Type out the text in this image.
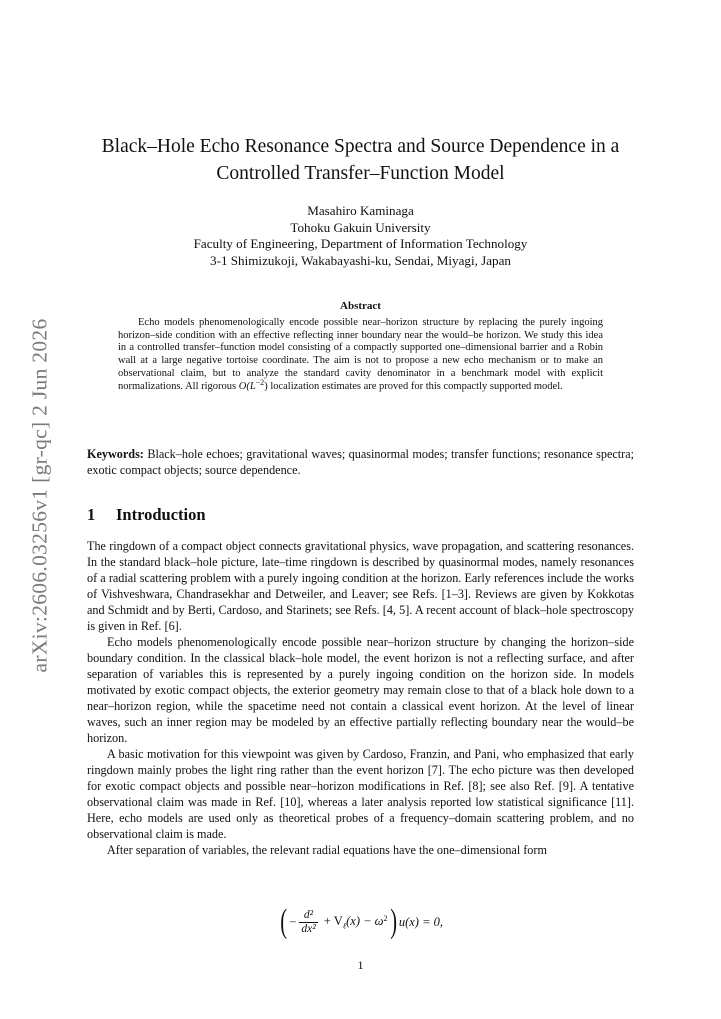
arXiv:2606.03256v1 [gr-qc] 2 Jun 2026
Black–Hole Echo Resonance Spectra and Source Dependence in a
Controlled Transfer–Function Model
Masahiro Kaminaga
Tohoku Gakuin University
Faculty of Engineering, Department of Information Technology
3-1 Shimizukoji, Wakabayashi-ku, Sendai, Miyagi, Japan
Abstract

Echo models phenomenologically encode possible near–horizon structure by replacing the purely ingoing horizon–side condition with an effective reflecting inner boundary near the would–be horizon. We study this idea in a controlled transfer–function model consisting of a compactly supported one–dimensional barrier and a Robin wall at a large negative tortoise coordinate. The aim is not to propose a new echo mechanism or to make an observational claim, but to analyze the standard cavity denominator in a benchmark model with explicit normalizations. All rigorous $O(L^{-2})$ localization estimates are proved for this compactly supported model.

Keywords: Black–hole echoes; gravitational waves; quasinormal modes; transfer functions; resonance spectra; exotic compact objects; source dependence.

1 Introduction

The ringdown of a compact object connects gravitational physics, wave propagation, and scattering resonances. In the standard black–hole picture, late–time ringdown is described by quasinormal modes, namely resonances of a radial scattering problem with a purely ingoing condition at the horizon. Early references include the works of Vishveshwara, Chandrasekhar and Detweiler, and Leaver; see Refs. [1–3]. Reviews are given by Kokkotas and Schmidt and by Berti, Cardoso, and Starinets; see Refs. [4, 5]. A recent account of black–hole spectroscopy is given in Ref. [6].

Echo models phenomenologically encode possible near–horizon structure by changing the horizon–side boundary condition. In the classical black–hole model, the event horizon is not a reflecting surface, and after separation of variables this is represented by a purely ingoing condition on the horizon side. In models motivated by exotic compact objects, the exterior geometry may remain close to that of a black hole down to a near–horizon region, while the spacetime need not contain a classical event horizon. At the level of linear waves, such an inner region may be modeled by an effective partially reflecting boundary near the would–be horizon.

A basic motivation for this viewpoint was given by Cardoso, Franzin, and Pani, who emphasized that early ringdown mainly probes the light ring rather than the event horizon [7]. The echo picture was then developed for exotic compact objects and possible near–horizon modifications in Ref. [8]; see also Ref. [9]. A tentative observational claim was made in Ref. [10], whereas a later analysis reported low statistical significance [11]. Here, echo models are used only as theoretical probes of a frequency–domain scattering problem, and no observational claim is made.

After separation of variables, the relevant radial equations have the one–dimensional form

( − $\frac{\text{d²}}{\text{dx²}} + V_\ell(x) - \omega^2$ ) u(x) = 0,
1
